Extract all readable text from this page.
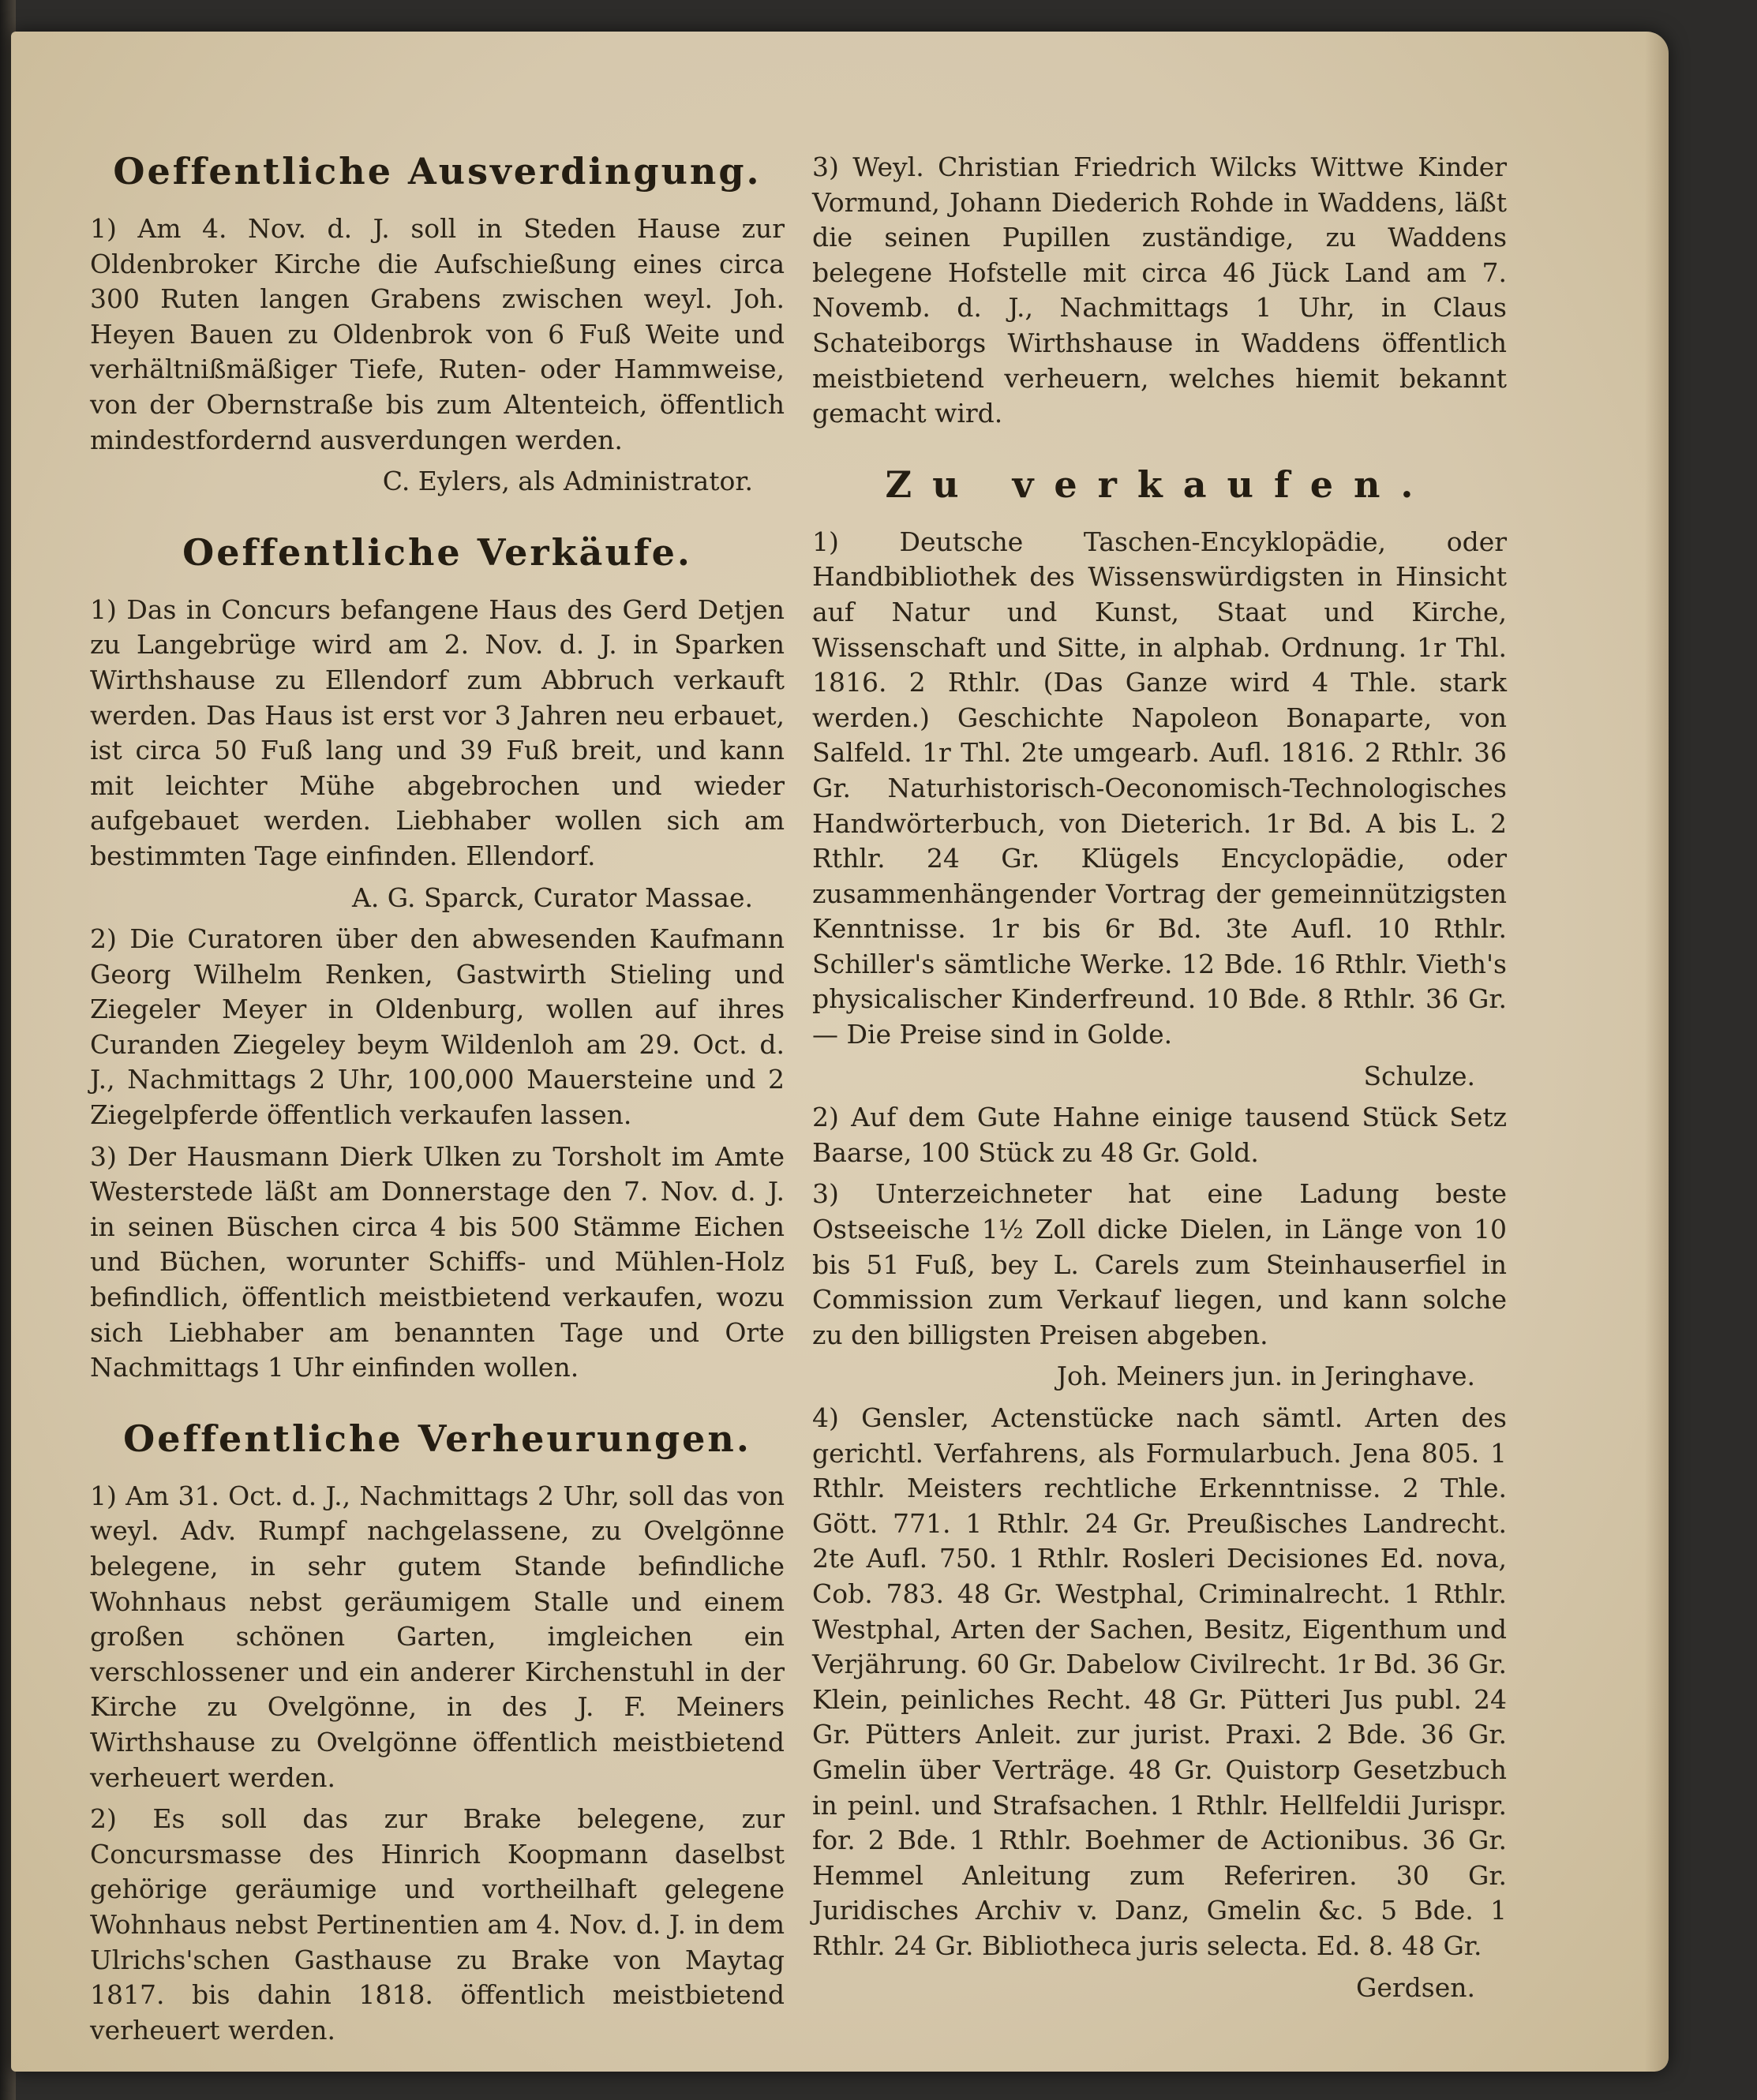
Oeffentliche Ausverdingung.

1) Am 4. Nov. d. J. soll in Steden Hause zur Oldenbroker Kirche die Aufschießung eines circa 300 Ruten langen Grabens zwischen weyl. Joh. Heyen Bauen zu Oldenbrok von 6 Fuß Weite und verhältnißmäßiger Tiefe, Ruten- oder Hammweise, von der Obernstraße bis zum Altenteich, öffentlich mindestfordernd ausverdungen werden.

C. Eylers, als Administrator.
Oeffentliche Verkäufe.

1) Das in Concurs befangene Haus des Gerd Detjen zu Langebrüge wird am 2. Nov. d. J. in Sparken Wirthshause zu Ellendorf zum Abbruch verkauft werden. Das Haus ist erst vor 3 Jahren neu erbauet, ist circa 50 Fuß lang und 39 Fuß breit, und kann mit leichter Mühe abgebrochen und wieder aufgebauet werden. Liebhaber wollen sich am bestimmten Tage einfinden. Ellendorf.

A. G. Sparck, Curator Massae.

2) Die Curatoren über den abwesenden Kaufmann Georg Wilhelm Renken, Gastwirth Stieling und Ziegeler Meyer in Oldenburg, wollen auf ihres Curanden Ziegeley beym Wildenloh am 29. Oct. d. J., Nachmittags 2 Uhr, 100,000 Mauersteine und 2 Ziegelpferde öffentlich verkaufen lassen.

3) Der Hausmann Dierk Ulken zu Torsholt im Amte Westerstede läßt am Donnerstage den 7. Nov. d. J. in seinen Büschen circa 4 bis 500 Stämme Eichen und Büchen, worunter Schiffs- und Mühlen-Holz befindlich, öffentlich meistbietend verkaufen, wozu sich Liebhaber am benannten Tage und Orte Nachmittags 1 Uhr einfinden wollen.

Oeffentliche Verheurungen.

1) Am 31. Oct. d. J., Nachmittags 2 Uhr, soll das von weyl. Adv. Rumpf nachgelassene, zu Ovelgönne belegene, in sehr gutem Stande befindliche Wohnhaus nebst geräumigem Stalle und einem großen schönen Garten, imgleichen ein verschlossener und ein anderer Kirchenstuhl in der Kirche zu Ovelgönne, in des J. F. Meiners Wirthshause zu Ovelgönne öffentlich meistbietend verheuert werden.

2) Es soll das zur Brake belegene, zur Concursmasse des Hinrich Koopmann daselbst gehörige geräumige und vortheilhaft gelegene Wohnhaus nebst Pertinentien am 4. Nov. d. J. in dem Ulrichs'schen Gasthause zu Brake von Maytag 1817. bis dahin 1818. öffentlich meistbietend verheuert werden.

3) Weyl. Christian Friedrich Wilcks Wittwe Kinder Vormund, Johann Diederich Rohde in Waddens, läßt die seinen Pupillen zuständige, zu Waddens belegene Hofstelle mit circa 46 Jück Land am 7. Novemb. d. J., Nachmittags 1 Uhr, in Claus Schateiborgs Wirthshause in Waddens öffentlich meistbietend verheuern, welches hiemit bekannt gemacht wird.

Zu verkaufen.

1) Deutsche Taschen-Encyklopädie, oder Handbibliothek des Wissenswürdigsten in Hinsicht auf Natur und Kunst, Staat und Kirche, Wissenschaft und Sitte, in alphab. Ordnung. 1r Thl. 1816. 2 Rthlr. (Das Ganze wird 4 Thle. stark werden.) Geschichte Napoleon Bonaparte, von Salfeld. 1r Thl. 2te umgearb. Aufl. 1816. 2 Rthlr. 36 Gr. Naturhistorisch-Oeconomisch-Technologisches Handwörterbuch, von Dieterich. 1r Bd. A bis L. 2 Rthlr. 24 Gr. Klügels Encyclopädie, oder zusammenhängender Vortrag der gemeinnützigsten Kenntnisse. 1r bis 6r Bd. 3te Aufl. 10 Rthlr. Schiller's sämtliche Werke. 12 Bde. 16 Rthlr. Vieth's physicalischer Kinderfreund. 10 Bde. 8 Rthlr. 36 Gr. — Die Preise sind in Golde.

Schulze.

2) Auf dem Gute Hahne einige tausend Stück Setz Baarse, 100 Stück zu 48 Gr. Gold.

3) Unterzeichneter hat eine Ladung beste Ostseeische 1½ Zoll dicke Dielen, in Länge von 10 bis 51 Fuß, bey L. Carels zum Steinhauserfiel in Commission zum Verkauf liegen, und kann solche zu den billigsten Preisen abgeben.

Joh. Meiners jun. in Jeringhave.

4) Gensler, Actenstücke nach sämtl. Arten des gerichtl. Verfahrens, als Formularbuch. Jena 805. 1 Rthlr. Meisters rechtliche Erkenntnisse. 2 Thle. Gött. 771. 1 Rthlr. 24 Gr. Preußisches Landrecht. 2te Aufl. 750. 1 Rthlr. Rosleri Decisiones Ed. nova, Cob. 783. 48 Gr. Westphal, Criminalrecht. 1 Rthlr. Westphal, Arten der Sachen, Besitz, Eigenthum und Verjährung. 60 Gr. Dabelow Civilrecht. 1r Bd. 36 Gr. Klein, peinliches Recht. 48 Gr. Pütteri Jus publ. 24 Gr. Pütters Anleit. zur jurist. Praxi. 2 Bde. 36 Gr. Gmelin über Verträge. 48 Gr. Quistorp Gesetzbuch in peinl. und Strafsachen. 1 Rthlr. Hellfeldii Jurispr. for. 2 Bde. 1 Rthlr. Boehmer de Actionibus. 36 Gr. Hemmel Anleitung zum Referiren. 30 Gr. Juridisches Archiv v. Danz, Gmelin &c. 5 Bde. 1 Rthlr. 24 Gr. Bibliotheca juris selecta. Ed. 8. 48 Gr.

Gerdsen.
